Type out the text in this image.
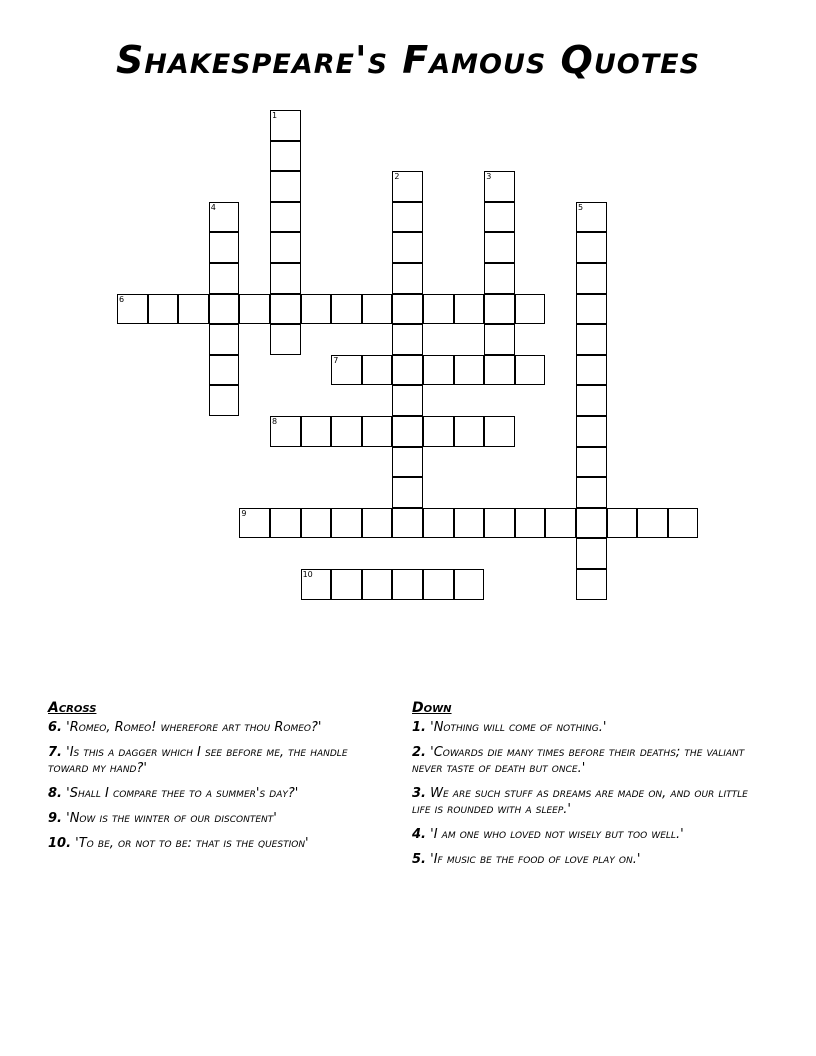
Shakespeare's Famous Quotes
1
2	3
4	5
6
7
8
9
10
Across
6. 'Romeo, Romeo! wherefore art thou Romeo?'
7. 'Is this a dagger which I see before me, the handle toward my hand?'
8. 'Shall I compare thee to a summer's day?'
9. 'Now is the winter of our discontent'
10. 'To be, or not to be: that is the question'
Down
1. 'Nothing will come of nothing.'
2. 'Cowards die many times before their deaths; the valiant never taste of death but once.'
3. We are such stuff as dreams are made on, and our little life is rounded with a sleep.'
4. 'I am one who loved not wisely but too well.'
5. 'If music be the food of love play on.'
